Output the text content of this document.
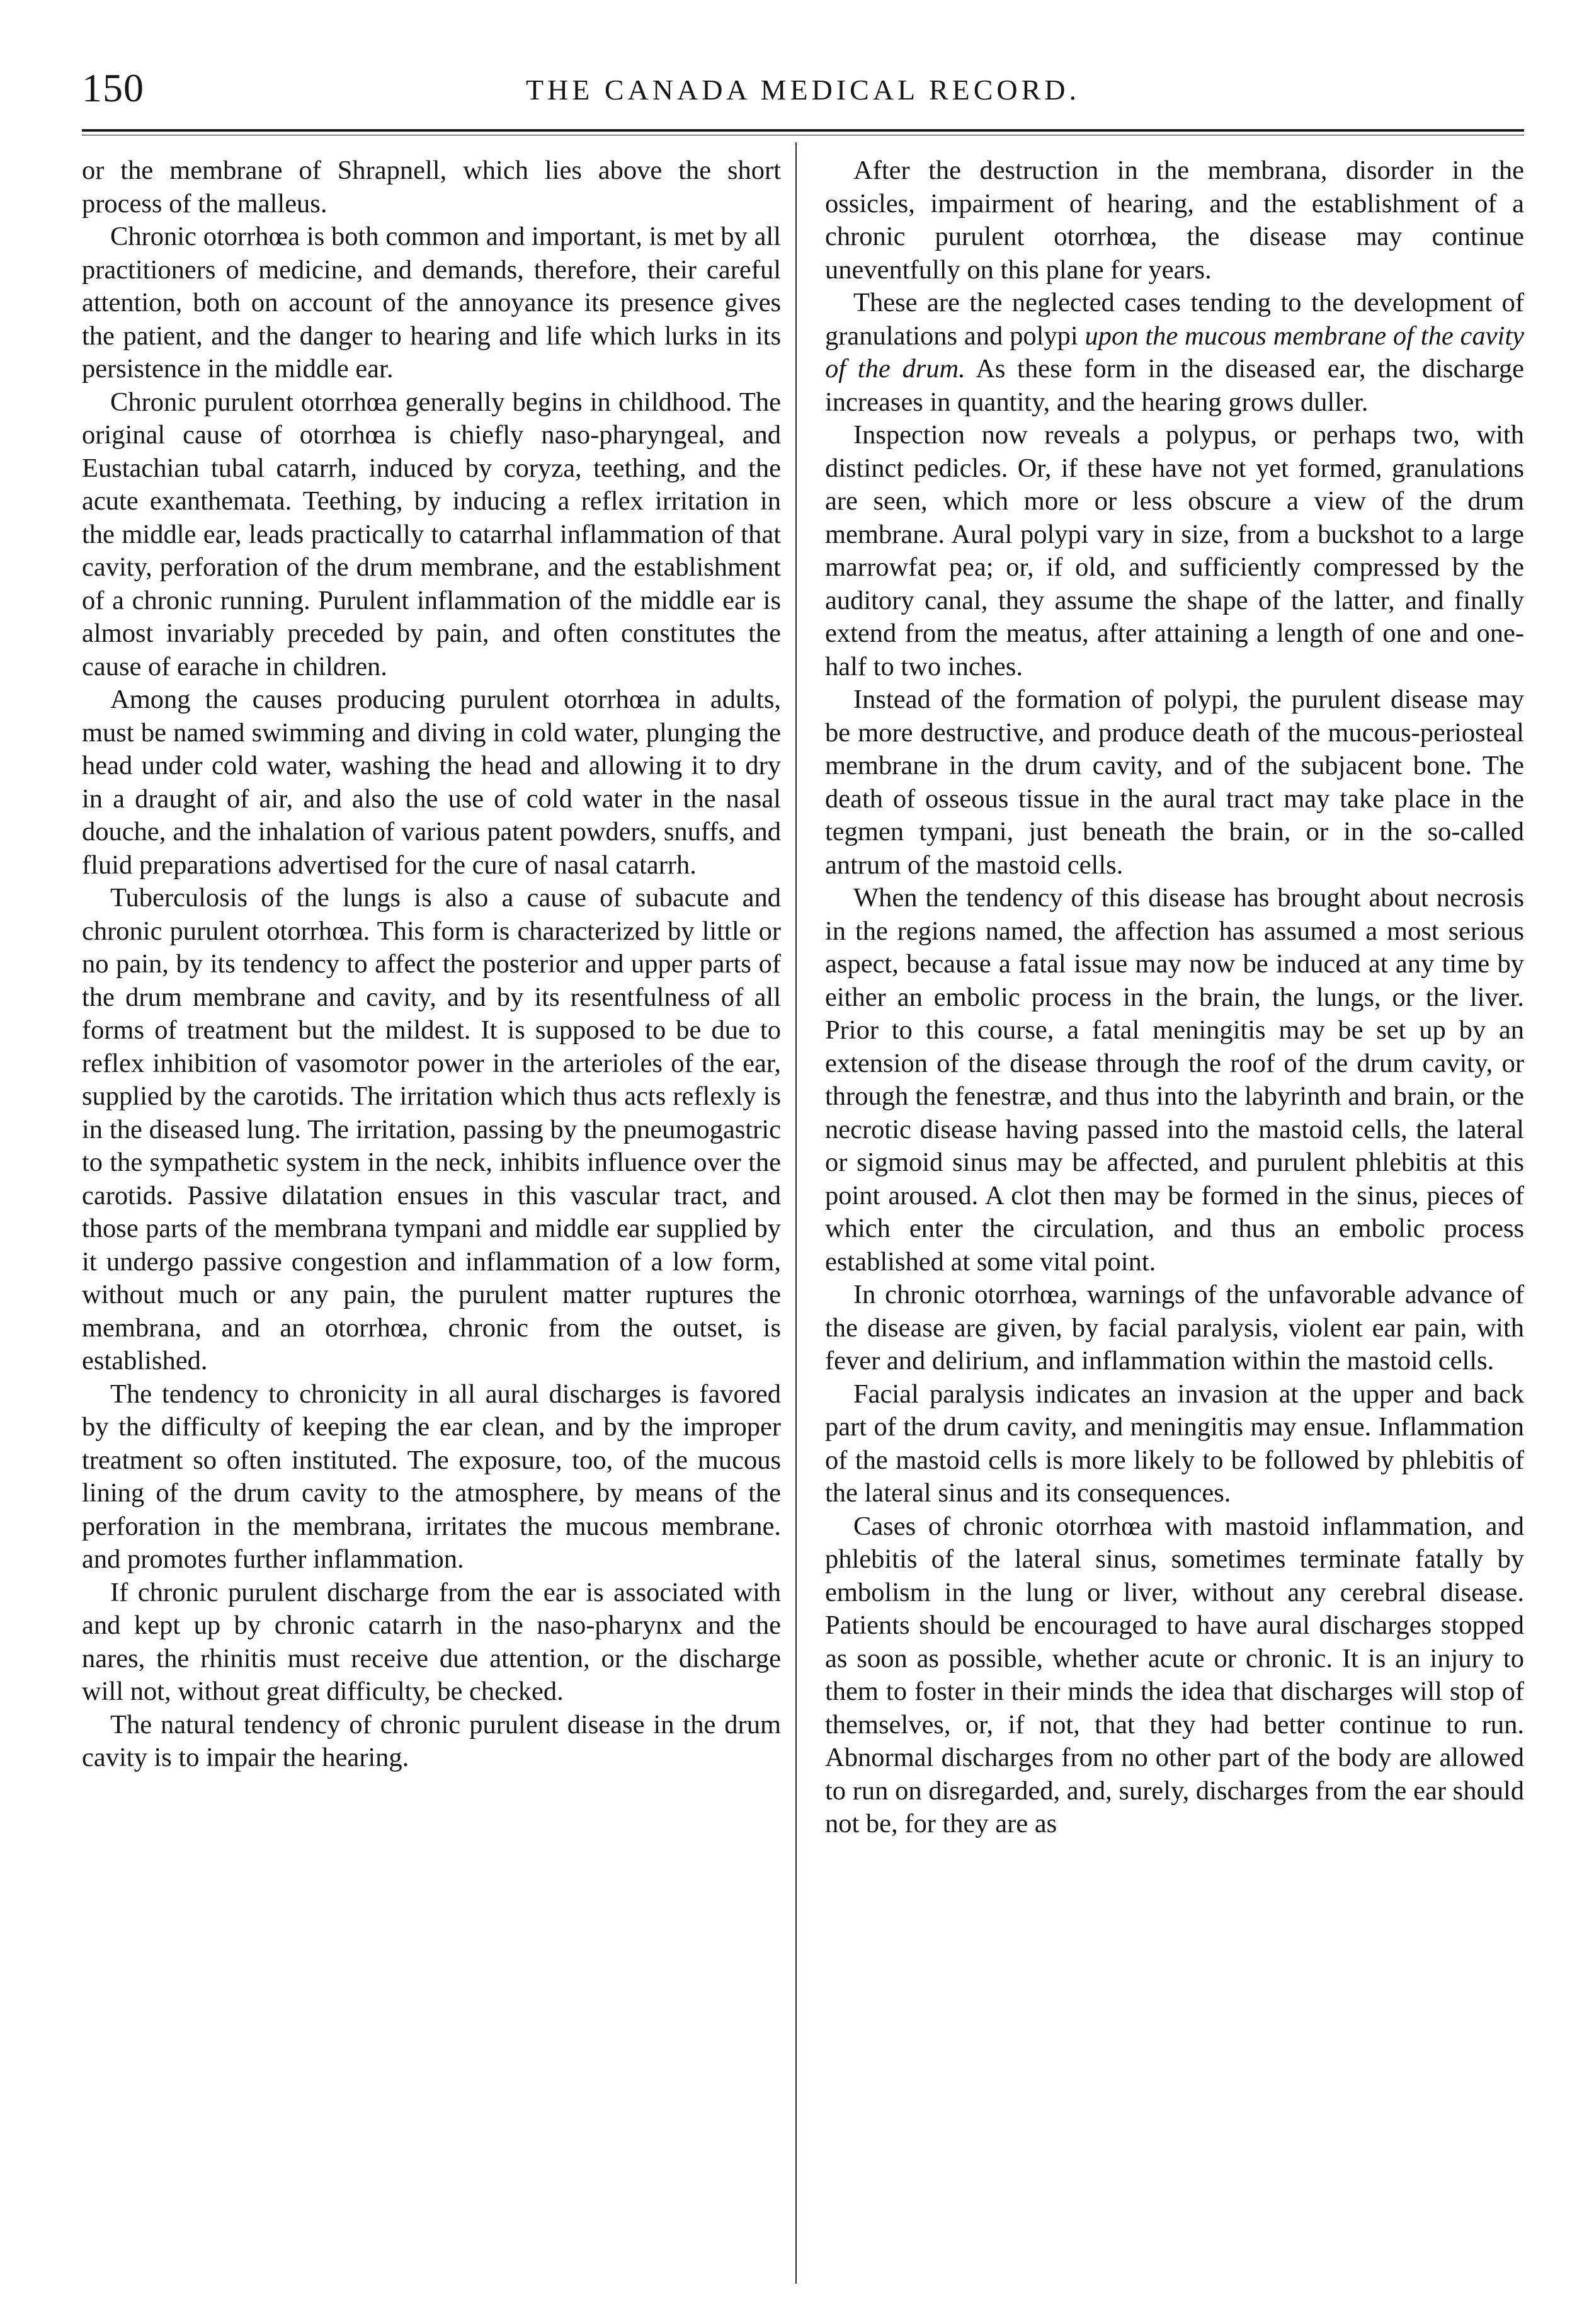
150	THE CANADA MEDICAL RECORD.

or the membrane of Shrapnell, which lies above the short process of the malleus.

Chronic otorrhœa is both common and important, is met by all practitioners of medicine, and demands, therefore, their careful attention, both on account of the annoyance its presence gives the patient, and the danger to hearing and life which lurks in its persistence in the middle ear.

Chronic purulent otorrhœa generally begins in childhood. The original cause of otorrhœa is chiefly naso-pharyngeal, and Eustachian tubal catarrh, induced by coryza, teething, and the acute exanthemata. Teething, by inducing a reflex irritation in the middle ear, leads practically to catarrhal inflammation of that cavity, perforation of the drum membrane, and the establishment of a chronic running. Purulent inflammation of the middle ear is almost invariably preceded by pain, and often constitutes the cause of earache in children.

Among the causes producing purulent otorrhœa in adults, must be named swimming and diving in cold water, plunging the head under cold water, washing the head and allowing it to dry in a draught of air, and also the use of cold water in the nasal douche, and the inhalation of various patent powders, snuffs, and fluid preparations advertised for the cure of nasal catarrh.

Tuberculosis of the lungs is also a cause of subacute and chronic purulent otorrhœa. This form is characterized by little or no pain, by its tendency to affect the posterior and upper parts of the drum membrane and cavity, and by its resentfulness of all forms of treatment but the mildest. It is supposed to be due to reflex inhibition of vasomotor power in the arterioles of the ear, supplied by the carotids. The irritation which thus acts reflexly is in the diseased lung. The irritation, passing by the pneumogastric to the sympathetic system in the neck, inhibits influence over the carotids. Passive dilatation ensues in this vascular tract, and those parts of the membrana tympani and middle ear supplied by it undergo passive congestion and inflammation of a low form, without much or any pain, the purulent matter ruptures the membrana, and an otorrhœa, chronic from the outset, is established.

The tendency to chronicity in all aural discharges is favored by the difficulty of keeping the ear clean, and by the improper treatment so often instituted. The exposure, too, of the mucous lining of the drum cavity to the atmosphere, by means of the perforation in the membrana, irritates the mucous membrane. and promotes further inflammation.

If chronic purulent discharge from the ear is associated with and kept up by chronic catarrh in the naso-pharynx and the nares, the rhinitis must receive due attention, or the discharge will not, without great difficulty, be checked.

The natural tendency of chronic purulent disease in the drum cavity is to impair the hearing.

After the destruction in the membrana, disorder in the ossicles, impairment of hearing, and the establishment of a chronic purulent otorrhœa, the disease may continue uneventfully on this plane for years.

These are the neglected cases tending to the development of granulations and polypi upon the mucous membrane of the cavity of the drum. As these form in the diseased ear, the discharge increases in quantity, and the hearing grows duller.

Inspection now reveals a polypus, or perhaps two, with distinct pedicles. Or, if these have not yet formed, granulations are seen, which more or less obscure a view of the drum membrane. Aural polypi vary in size, from a buckshot to a large marrowfat pea; or, if old, and sufficiently compressed by the auditory canal, they assume the shape of the latter, and finally extend from the meatus, after attaining a length of one and one-half to two inches.

Instead of the formation of polypi, the purulent disease may be more destructive, and produce death of the mucous-periosteal membrane in the drum cavity, and of the subjacent bone. The death of osseous tissue in the aural tract may take place in the tegmen tympani, just beneath the brain, or in the so-called antrum of the mastoid cells.

When the tendency of this disease has brought about necrosis in the regions named, the affection has assumed a most serious aspect, because a fatal issue may now be induced at any time by either an embolic process in the brain, the lungs, or the liver. Prior to this course, a fatal meningitis may be set up by an extension of the disease through the roof of the drum cavity, or through the fenestræ, and thus into the labyrinth and brain, or the necrotic disease having passed into the mastoid cells, the lateral or sigmoid sinus may be affected, and purulent phlebitis at this point aroused. A clot then may be formed in the sinus, pieces of which enter the circulation, and thus an embolic process established at some vital point.

In chronic otorrhœa, warnings of the unfavorable advance of the disease are given, by facial paralysis, violent ear pain, with fever and delirium, and inflammation within the mastoid cells.

Facial paralysis indicates an invasion at the upper and back part of the drum cavity, and meningitis may ensue. Inflammation of the mastoid cells is more likely to be followed by phlebitis of the lateral sinus and its consequences.

Cases of chronic otorrhœa with mastoid inflammation, and phlebitis of the lateral sinus, sometimes terminate fatally by embolism in the lung or liver, without any cerebral disease. Patients should be encouraged to have aural discharges stopped as soon as possible, whether acute or chronic. It is an injury to them to foster in their minds the idea that discharges will stop of themselves, or, if not, that they had better continue to run. Abnormal discharges from no other part of the body are allowed to run on disregarded, and, surely, discharges from the ear should not be, for they are as
